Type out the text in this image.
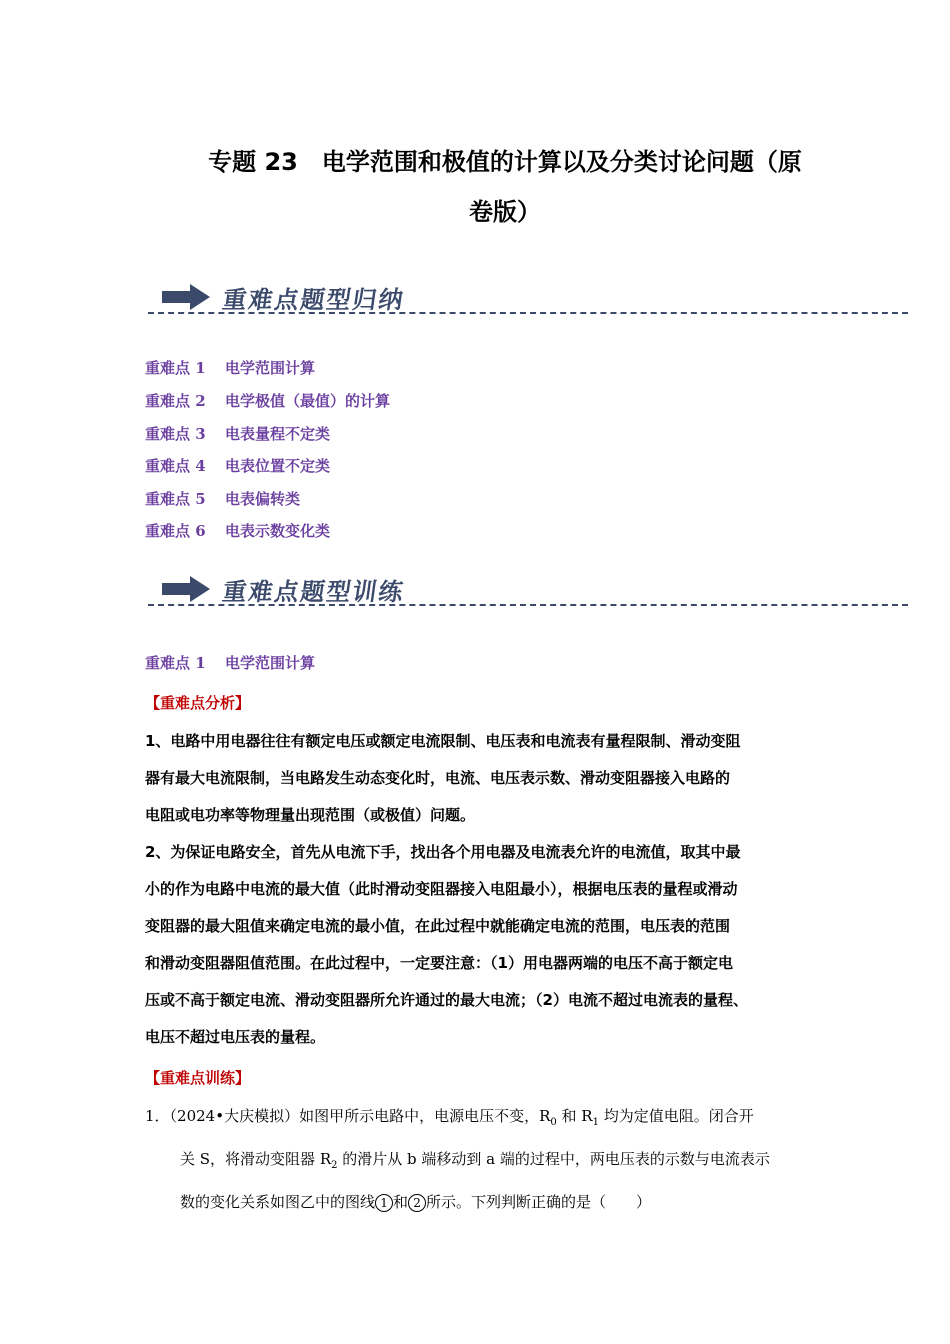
专题 23　电学范围和极值的计算以及分类讨论问题（原
卷版）
重难点题型归纳
重难点 1 电学范围计算
重难点 2 电学极值（最值）的计算
重难点 3 电表量程不定类
重难点 4 电表位置不定类
重难点 5 电表偏转类
重难点 6 电表示数变化类
重难点题型训练
重难点 1 电学范围计算
【重难点分析】
1、电路中用电器往往有额定电压或额定电流限制、电压表和电流表有量程限制、滑动变阻
器有最大电流限制，当电路发生动态变化时，电流、电压表示数、滑动变阻器接入电路的
电阻或电功率等物理量出现范围（或极值）问题。
2、为保证电路安全，首先从电流下手，找出各个用电器及电流表允许的电流值，取其中最
小的作为电路中电流的最大值（此时滑动变阻器接入电阻最小），根据电压表的量程或滑动
变阻器的最大阻值来确定电流的最小值，在此过程中就能确定电流的范围，电压表的范围
和滑动变阻器阻值范围。在此过程中，一定要注意：（1）用电器两端的电压不高于额定电
压或不高于额定电流、滑动变阻器所允许通过的最大电流；（2）电流不超过电流表的量程、
电压不超过电压表的量程。
【重难点训练】
1．（2024•大庆模拟）如图甲所示电路中，电源电压不变，$R_0$ 和 $R_1$ 均为定值电阻。闭合开
关 S，将滑动变阻器 $R_2$ 的滑片从 b 端移动到 a 端的过程中，两电压表的示数与电流表示
数的变化关系如图乙中的图线 1 和 2 所示。下列判断正确的是（　　）
